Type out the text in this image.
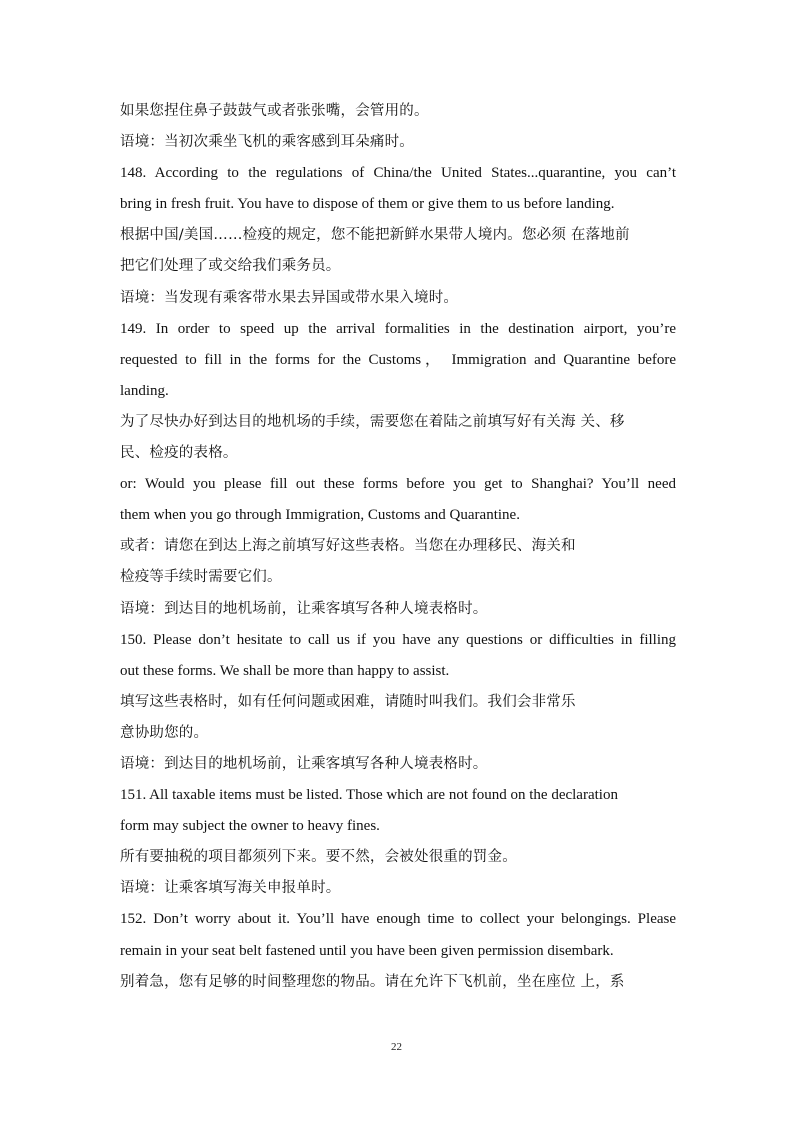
如果您捏住鼻子鼓鼓气或者张张嘴，会管用的。
语境：当初次乘坐飞机的乘客感到耳朵痛时。
148. According to the regulations of China/the United States...quarantine, you can’t
bring in fresh fruit. You have to dispose of them or give them to us before landing.
根据中国/美国……检疫的规定，您不能把新鲜水果带人境内。您必须 在落地前
把它们处理了或交给我们乘务员。
语境：当发现有乘客带水果去异国或带水果入境时。
149. In order to speed up the arrival formalities in the destination airport, you’re
requested to fill in the forms for the Customs， Immigration and Quarantine before
landing.
为了尽快办好到达目的地机场的手续，需要您在着陆之前填写好有关海 关、移
民、检疫的表格。
or: Would you please fill out these forms before you get to Shanghai? You’ll need
them when you go through Immigration, Customs and Quarantine.
或者：请您在到达上海之前填写好这些表格。当您在办理移民、海关和
检疫等手续时需要它们。
语境：到达目的地机场前，让乘客填写各种人境表格时。
150. Please don’t hesitate to call us if you have any questions or difficulties in filling
out these forms. We shall be more than happy to assist.
填写这些表格时，如有任何问题或困难，请随时叫我们。我们会非常乐
意协助您的。
语境：到达目的地机场前，让乘客填写各种人境表格时。
151. All taxable items must be listed. Those which are not found on the declaration
form may subject the owner to heavy fines.
所有要抽税的项目都须列下来。要不然，会被处很重的罚金。
语境：让乘客填写海关申报单时。
152. Don’t worry about it. You’ll have enough time to collect your belongings. Please
remain in your seat belt fastened until you have been given permission disembark.
别着急，您有足够的时间整理您的物品。请在允许下飞机前，坐在座位 上，系
22
